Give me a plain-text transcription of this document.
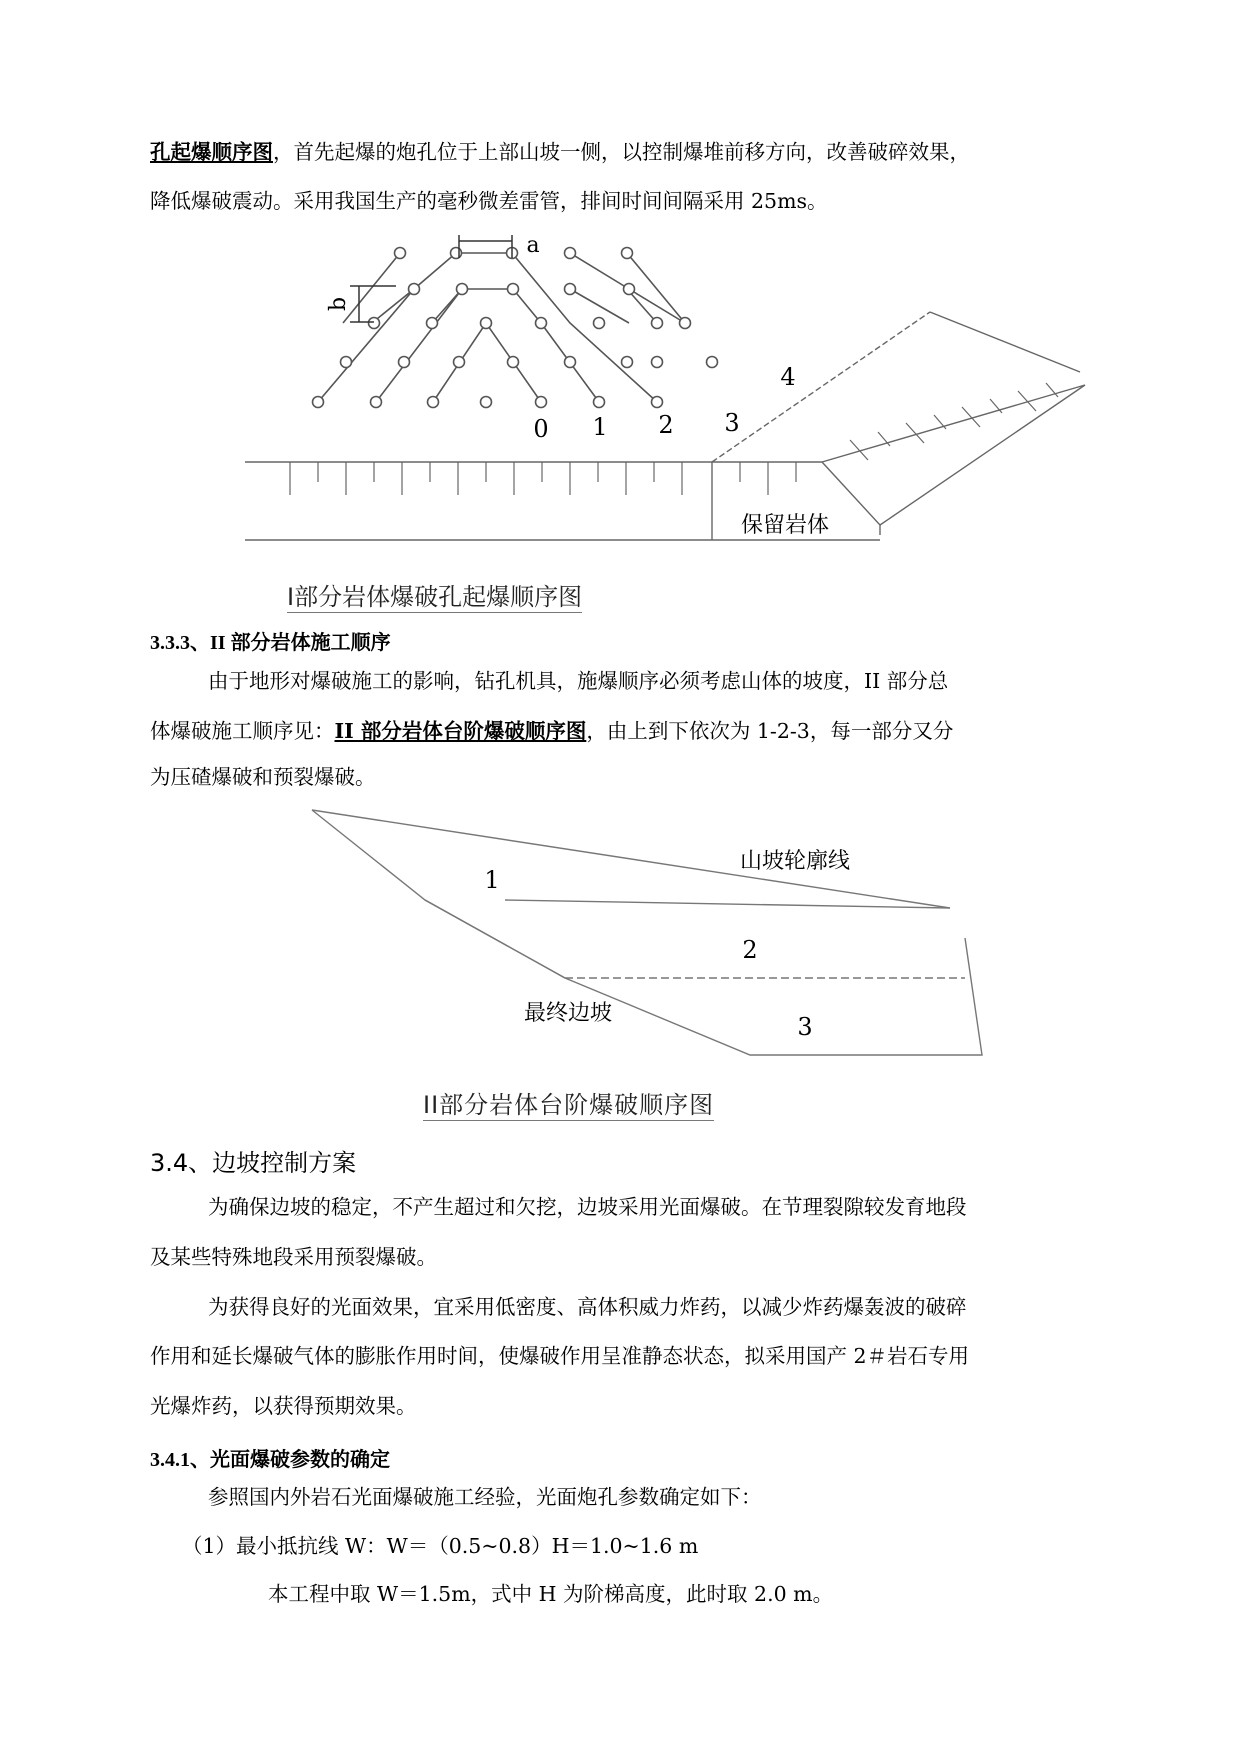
孔起爆顺序图，首先起爆的炮孔位于上部山坡一侧，以控制爆堆前移方向，改善破碎效果，

降低爆破震动。采用我国生产的毫秒微差雷管，排间时间间隔采用 25ms。

a
b
0 1 2 3
4
保留岩体
I部分岩体爆破孔起爆顺序图

3.3.3、II 部分岩体施工顺序

由于地形对爆破施工的影响，钻孔机具，施爆顺序必须考虑山体的坡度，II 部分总

体爆破施工顺序见：II 部分岩体台阶爆破顺序图，由上到下依次为 1-2-3，每一部分又分

为压碴爆破和预裂爆破。

1
2
3
山坡轮廓线
最终边坡
II部分岩体台阶爆破顺序图

3.4、边坡控制方案

为确保边坡的稳定，不产生超过和欠挖，边坡采用光面爆破。在节理裂隙较发育地段

及某些特殊地段采用预裂爆破。

为获得良好的光面效果，宜采用低密度、高体积威力炸药，以减少炸药爆轰波的破碎

作用和延长爆破气体的膨胀作用时间，使爆破作用呈准静态状态，拟采用国产 2＃岩石专用

光爆炸药，以获得预期效果。

3.4.1、光面爆破参数的确定

参照国内外岩石光面爆破施工经验，光面炮孔参数确定如下：

（1）最小抵抗线 W：W＝（0.5~0.8）H＝1.0~1.6 m

本工程中取 W＝1.5m，式中 H 为阶梯高度，此时取 2.0 m。
